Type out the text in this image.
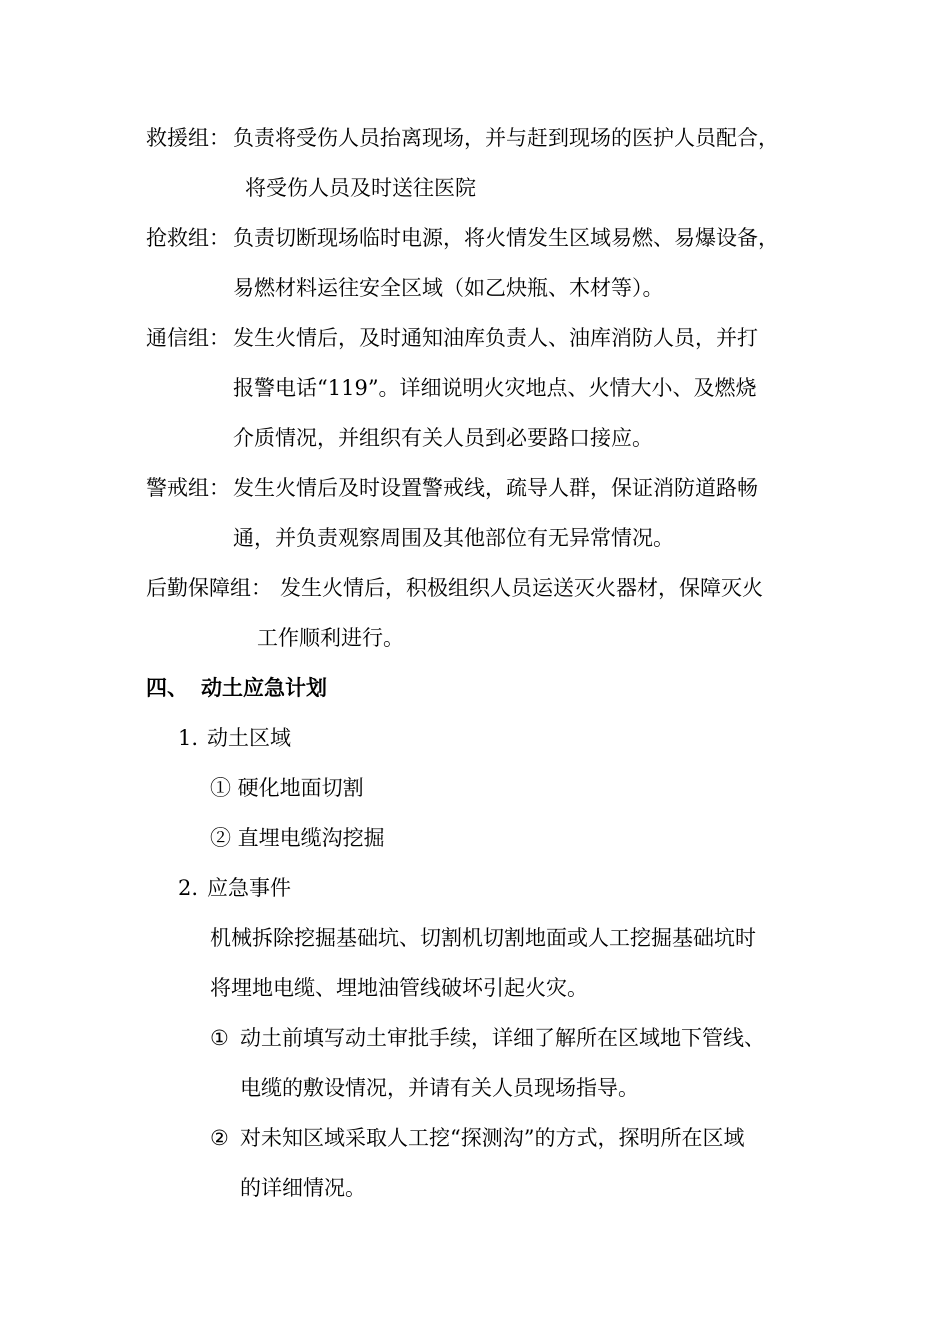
救援组： 负责将受伤人员抬离现场，并与赶到现场的医护人员配合，
将受伤人员及时送往医院
抢救组： 负责切断现场临时电源，将火情发生区域易燃、易爆设备，
易燃材料运往安全区域（如乙炔瓶、木材等）。
通信组： 发生火情后，及时通知油库负责人、油库消防人员，并打
报警电话“119”。详细说明火灾地点、火情大小、及燃烧
介质情况，并组织有关人员到必要路口接应。
警戒组： 发生火情后及时设置警戒线，疏导人群，保证消防道路畅
通，并负责观察周围及其他部位有无异常情况。
后勤保障组： 发生火情后，积极组织人员运送灭火器材，保障灭火
工作顺利进行。
四、 动土应急计划
1. 动土区域
① 硬化地面切割
② 直埋电缆沟挖掘
2. 应急事件
机械拆除挖掘基础坑、切割机切割地面或人工挖掘基础坑时
将埋地电缆、埋地油管线破坏引起火灾。
① 动土前填写动土审批手续，详细了解所在区域地下管线、
电缆的敷设情况，并请有关人员现场指导。
② 对未知区域采取人工挖“探测沟”的方式，探明所在区域
的详细情况。
